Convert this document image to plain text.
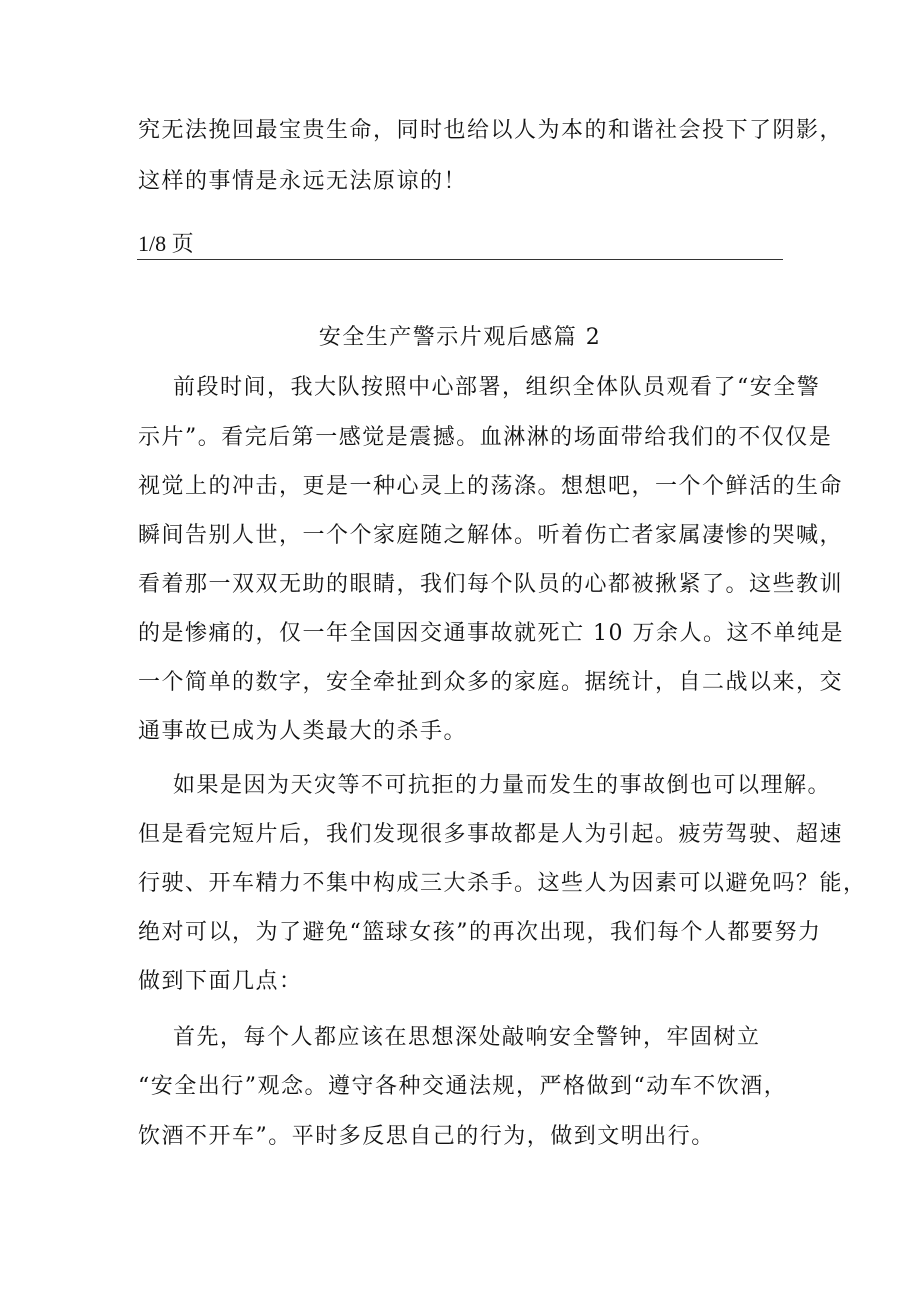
究无法挽回最宝贵生命，同时也给以人为本的和谐社会投下了阴影，
这样的事情是永远无法原谅的！
1/8 页
安全生产警示片观后感篇 2
前段时间，我大队按照中心部署，组织全体队员观看了“安全警
示片”。看完后第一感觉是震撼。血淋淋的场面带给我们的不仅仅是
视觉上的冲击，更是一种心灵上的荡涤。想想吧，一个个鲜活的生命
瞬间告别人世，一个个家庭随之解体。听着伤亡者家属凄惨的哭喊，
看着那一双双无助的眼睛，我们每个队员的心都被揪紧了。这些教训
的是惨痛的，仅一年全国因交通事故就死亡 10 万余人。这不单纯是
一个简单的数字，安全牵扯到众多的家庭。据统计，自二战以来，交
通事故已成为人类最大的杀手。
如果是因为天灾等不可抗拒的力量而发生的事故倒也可以理解。
但是看完短片后，我们发现很多事故都是人为引起。疲劳驾驶、超速
行驶、开车精力不集中构成三大杀手。这些人为因素可以避免吗？能，
绝对可以，为了避免“篮球女孩”的再次出现，我们每个人都要努力
做到下面几点：
首先，每个人都应该在思想深处敲响安全警钟，牢固树立
“安全出行”观念。遵守各种交通法规，严格做到“动车不饮酒，
饮酒不开车”。平时多反思自己的行为，做到文明出行。
